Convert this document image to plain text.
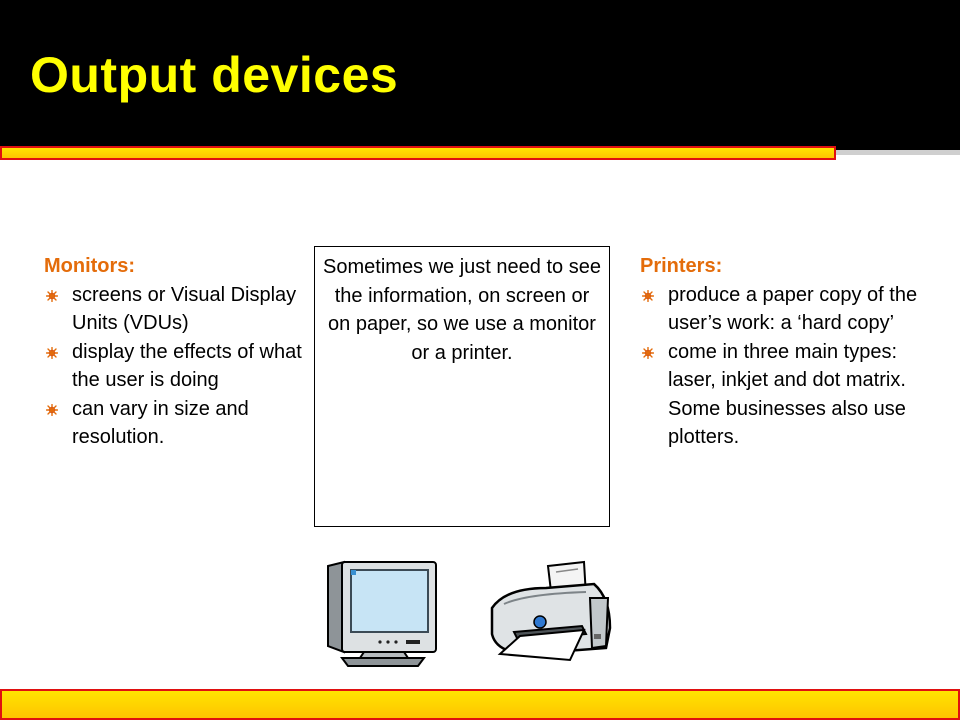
Output devices

Monitors:

screens or Visual Display Units (VDUs)
display the effects of what the user is doing
can vary in size and resolution.
Sometimes we just need to see the information, on screen or on paper, so we use a monitor or a printer.

Printers:

produce a paper copy of the user’s work: a ‘hard copy’
come in three main types: laser, inkjet and dot matrix. Some businesses also use plotters.
